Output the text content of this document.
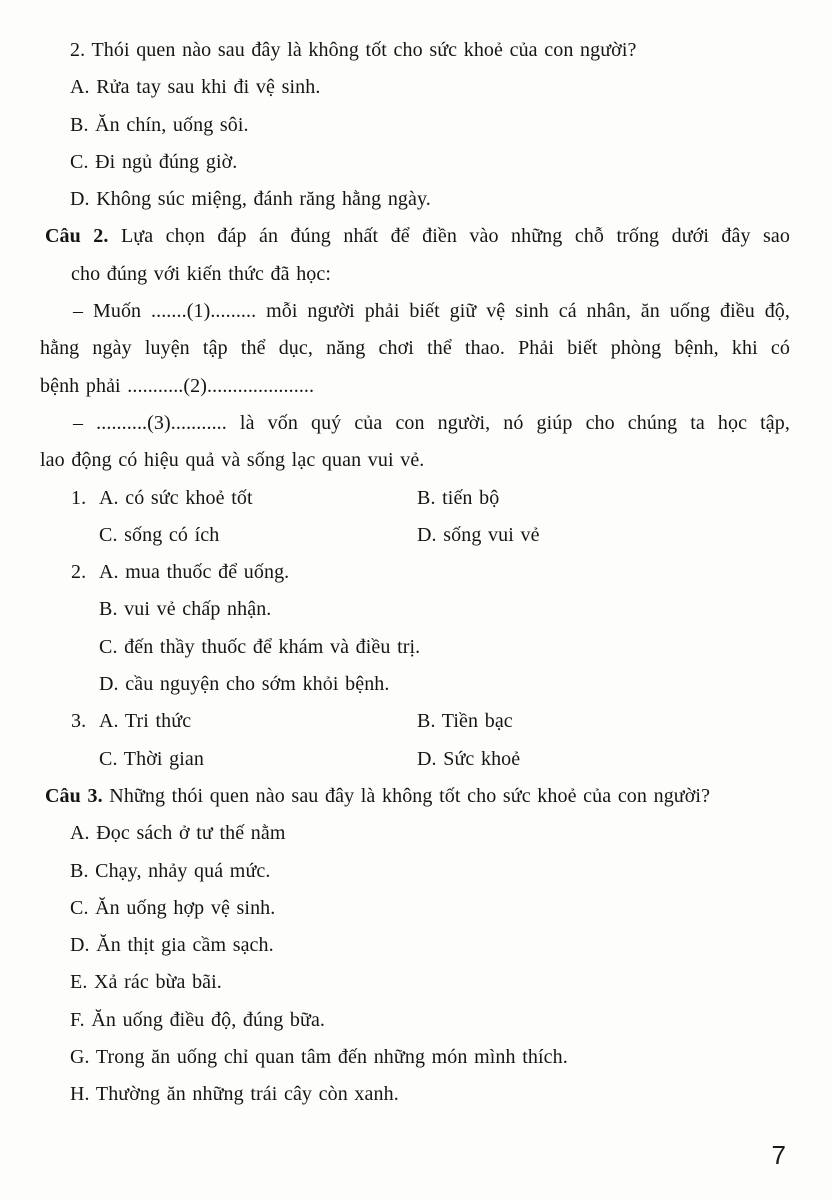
2. Thói quen nào sau đây là không tốt cho sức khoẻ của con người?
A. Rửa tay sau khi đi vệ sinh.
B. Ăn chín, uống sôi.
C. Đi ngủ đúng giờ.
D. Không súc miệng, đánh răng hằng ngày.
Câu 2. Lựa chọn đáp án đúng nhất để điền vào những chỗ trống dưới đây sao
cho đúng với kiến thức đã học:
– Muốn .......(1)......... mỗi người phải biết giữ vệ sinh cá nhân, ăn uống điều độ,
hằng ngày luyện tập thể dục, năng chơi thể thao. Phải biết phòng bệnh, khi có
bệnh phải ...........(2).....................
– ..........(3)........... là vốn quý của con người, nó giúp cho chúng ta học tập,
lao động có hiệu quả và sống lạc quan vui vẻ.
1. A. có sức khoẻ tốt	B. tiến bộ
C. sống có ích	D. sống vui vẻ
2. A. mua thuốc để uống.
B. vui vẻ chấp nhận.
C. đến thầy thuốc để khám và điều trị.
D. cầu nguyện cho sớm khỏi bệnh.
3. A. Tri thức	B. Tiền bạc
C. Thời gian	D. Sức khoẻ
Câu 3. Những thói quen nào sau đây là không tốt cho sức khoẻ của con người?
A. Đọc sách ở tư thế nằm
B. Chạy, nhảy quá mức.
C. Ăn uống hợp vệ sinh.
D. Ăn thịt gia cầm sạch.
E. Xả rác bừa bãi.
F. Ăn uống điều độ, đúng bữa.
G. Trong ăn uống chỉ quan tâm đến những món mình thích.
H. Thường ăn những trái cây còn xanh.
7
